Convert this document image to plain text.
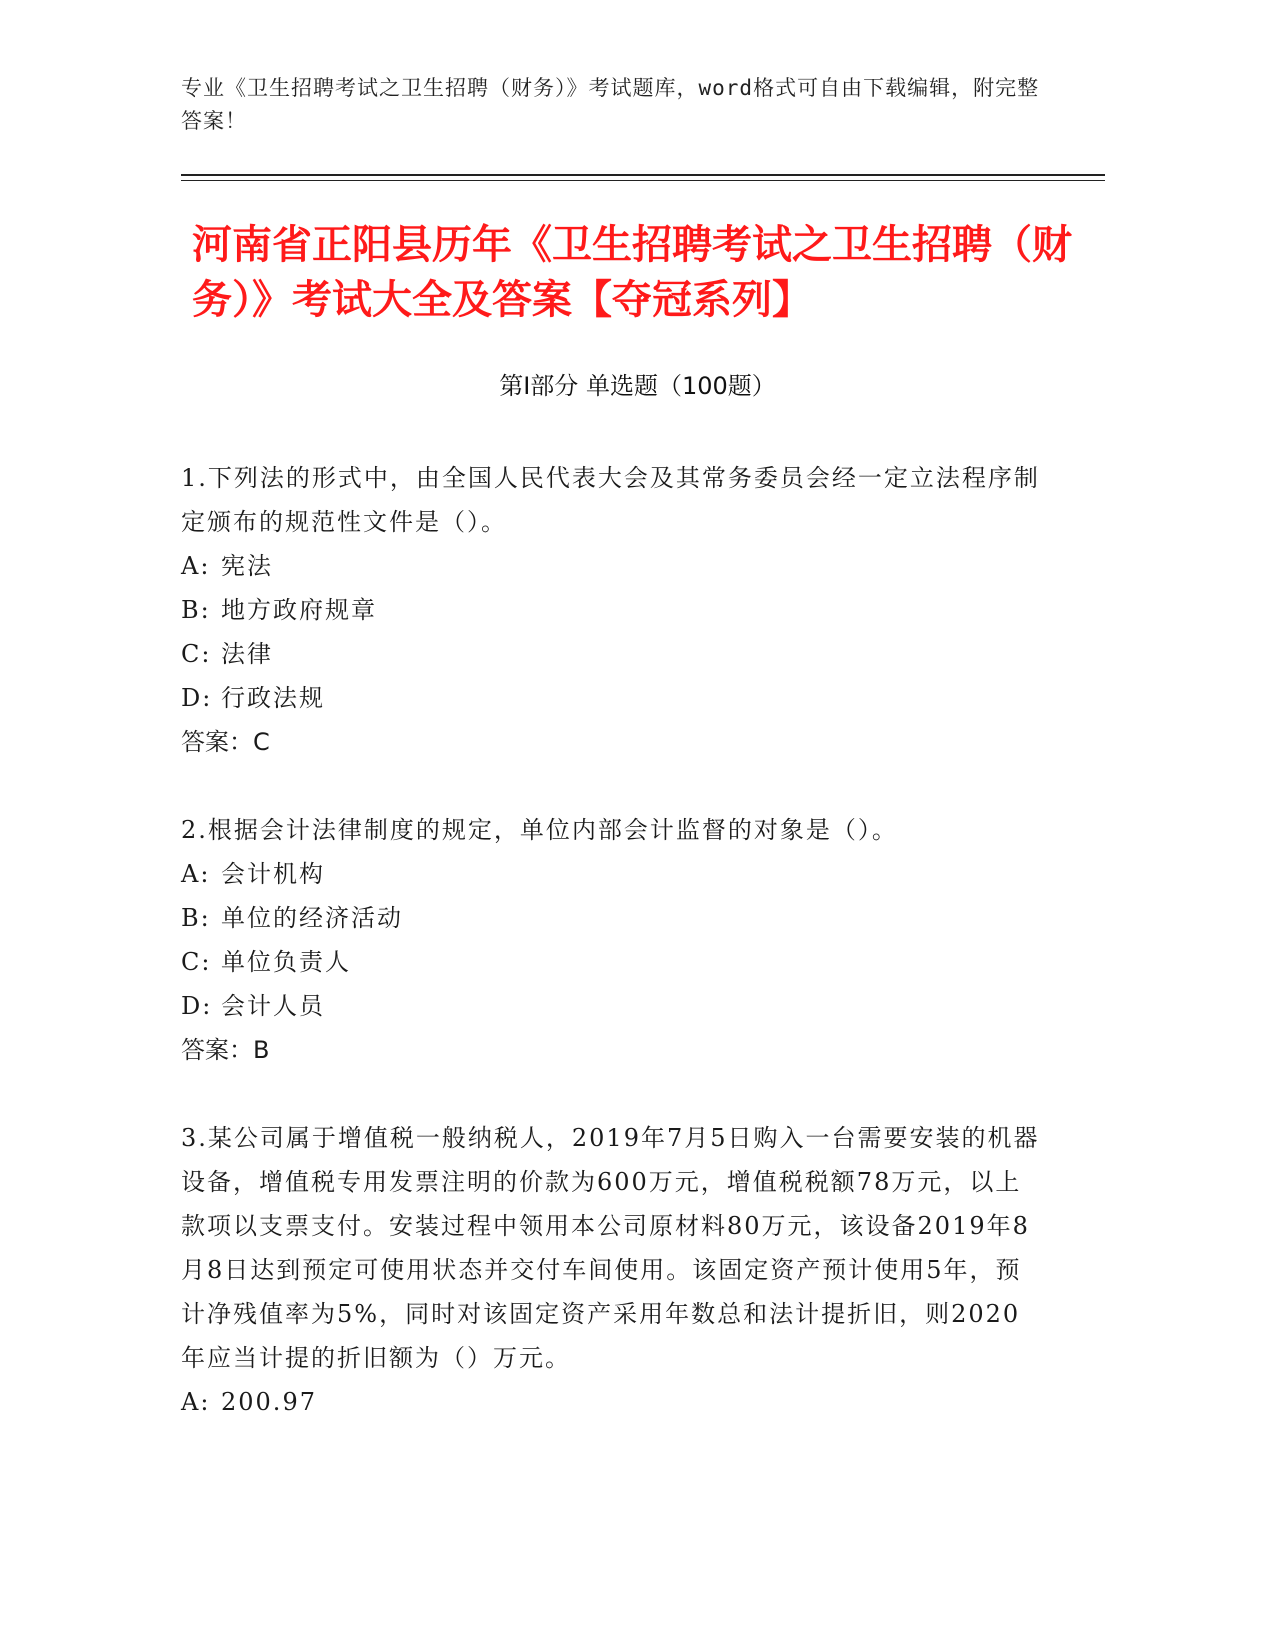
专业《卫生招聘考试之卫生招聘（财务）》考试题库，word格式可自由下载编辑，附完整答案！
河南省正阳县历年《卫生招聘考试之卫生招聘（财务）》考试大全及答案【夺冠系列】
第I部分 单选题（100题）

1.下列法的形式中，由全国人民代表大会及其常务委员会经一定立法程序制定颁布的规范性文件是（）。

A: 宪法

B: 地方政府规章

C: 法律

D: 行政法规

答案：C

2.根据会计法律制度的规定，单位内部会计监督的对象是（）。

A: 会计机构

B: 单位的经济活动

C: 单位负责人

D: 会计人员

答案：B

3.某公司属于增值税一般纳税人，2019年7月5日购入一台需要安装的机器设备，增值税专用发票注明的价款为600万元，增值税税额78万元，以上款项以支票支付。安装过程中领用本公司原材料80万元，该设备2019年8月8日达到预定可使用状态并交付车间使用。该固定资产预计使用5年，预计净残值率为5%，同时对该固定资产采用年数总和法计提折旧，则2020年应当计提的折旧额为（）万元。

A: 200.97
